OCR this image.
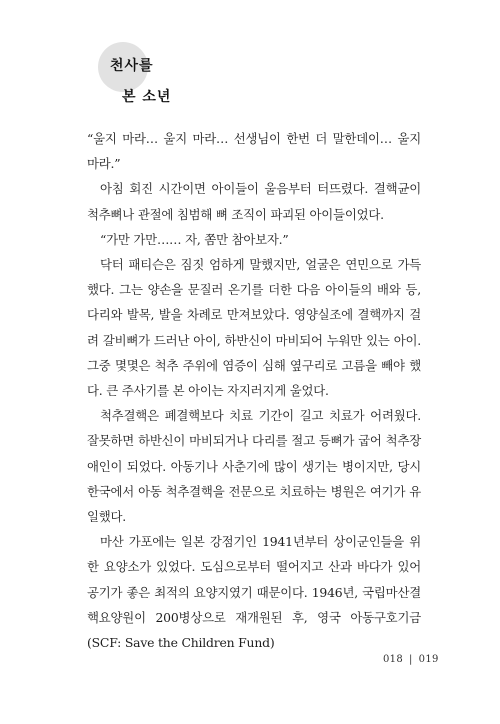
천사를
본 소년

“울지 마라… 울지 마라… 선생님이 한번 더 말한데이… 울지 마라.”

아침 회진 시간이면 아이들이 울음부터 터뜨렸다. 결핵균이 척추뼈나 관절에 침범해 뼈 조직이 파괴된 아이들이었다.

“가만 가만…… 자, 쫌만 참아보자.”

닥터 패티슨은 짐짓 엄하게 말했지만, 얼굴은 연민으로 가득했다. 그는 양손을 문질러 온기를 더한 다음 아이들의 배와 등, 다리와 발목, 발을 차례로 만져보았다. 영양실조에 결핵까지 걸려 갈비뼈가 드러난 아이, 하반신이 마비되어 누워만 있는 아이. 그중 몇몇은 척추 주위에 염증이 심해 옆구리로 고름을 빼야 했다. 큰 주사기를 본 아이는 자지러지게 울었다.

척추결핵은 폐결핵보다 치료 기간이 길고 치료가 어려웠다. 잘못하면 하반신이 마비되거나 다리를 절고 등뼈가 굽어 척추장애인이 되었다. 아동기나 사춘기에 많이 생기는 병이지만, 당시 한국에서 아동 척추결핵을 전문으로 치료하는 병원은 여기가 유일했다.

마산 가포에는 일본 강점기인 1941년부터 상이군인들을 위한 요양소가 있었다. 도심으로부터 떨어지고 산과 바다가 있어 공기가 좋은 최적의 요양지였기 때문이다. 1946년, 국립마산결핵요양원이 200병상으로 재개원된 후, 영국 아동구호기금(SCF: Save the Children Fund)

018 | 019
